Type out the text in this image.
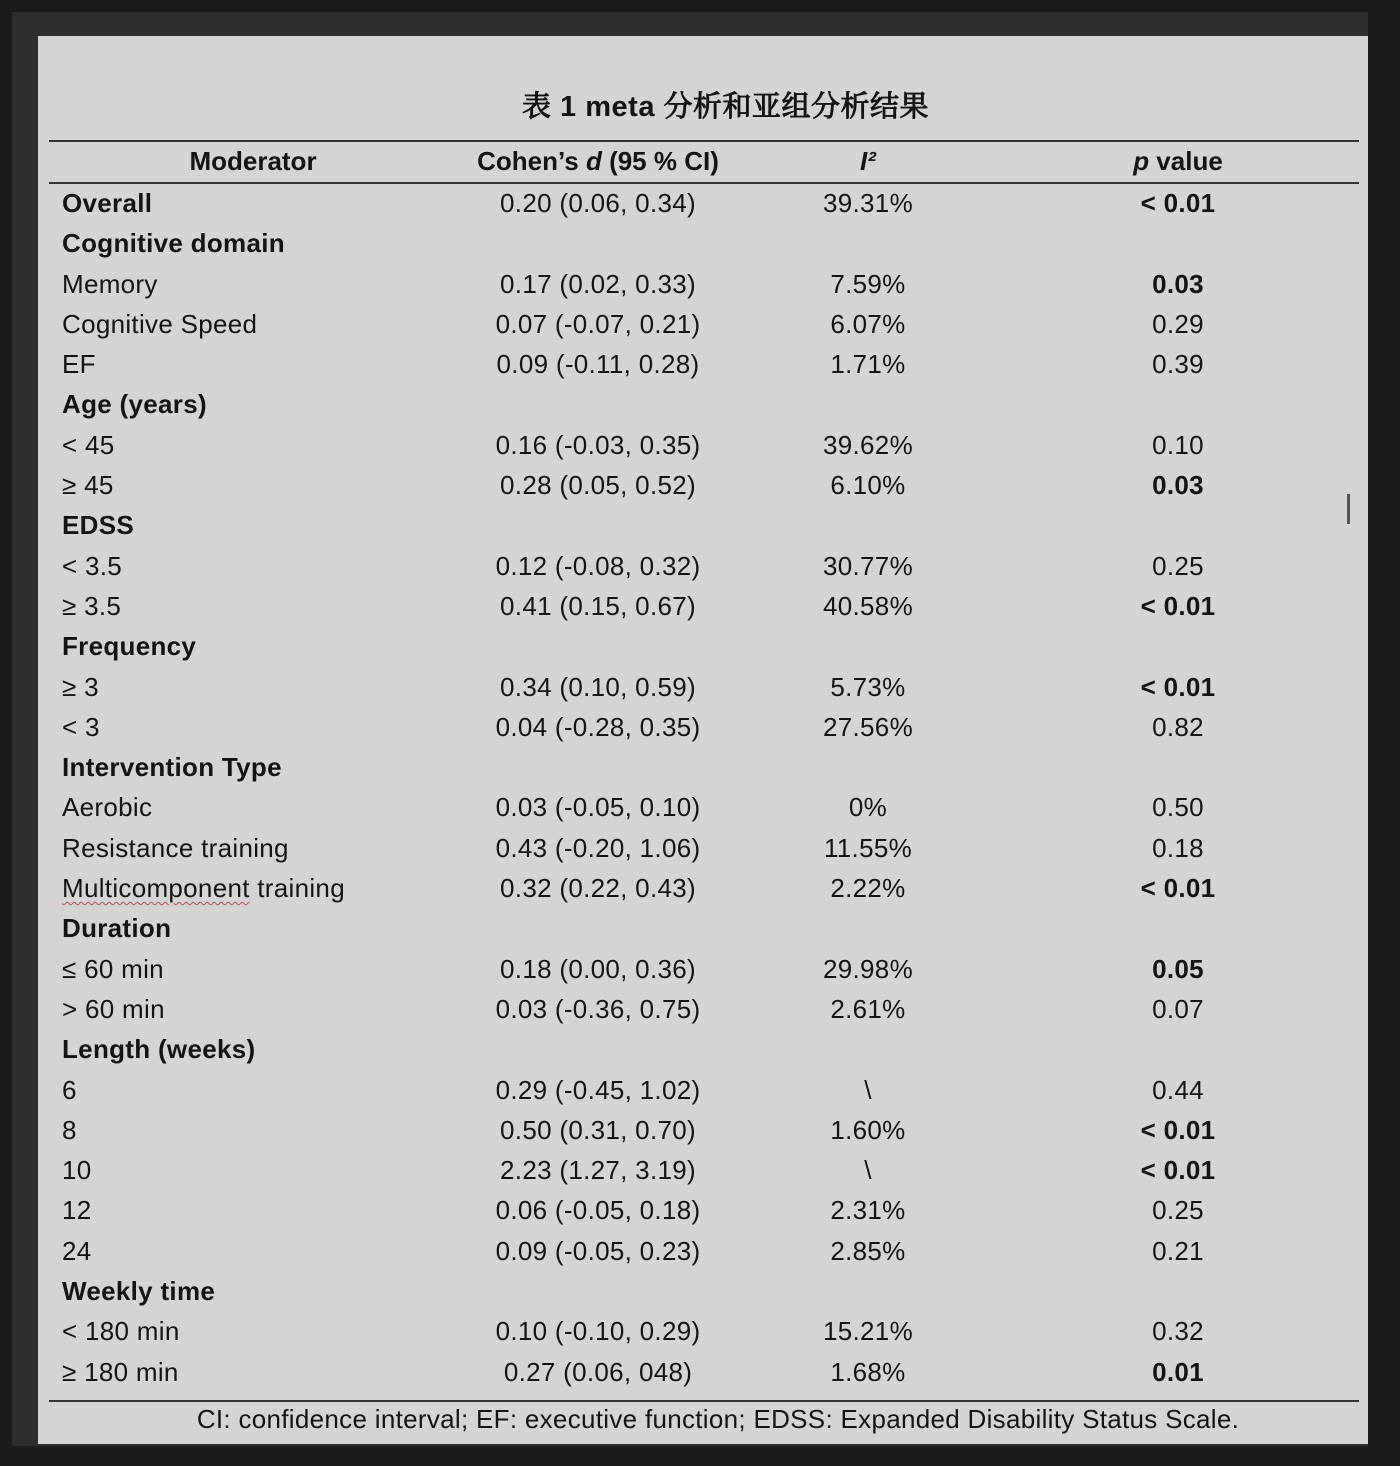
表 1 meta 分析和亚组分析结果
Moderator	Cohen’s d (95 % CI)	I²	p value
Overall	0.20 (0.06, 0.34)	39.31%	< 0.01
Cognitive domain
Memory	0.17 (0.02, 0.33)	7.59%	0.03
Cognitive Speed	0.07 (-0.07, 0.21)	6.07%	0.29
EF	0.09 (-0.11, 0.28)	1.71%	0.39
Age (years)
< 45	0.16 (-0.03, 0.35)	39.62%	0.10
≥ 45	0.28 (0.05, 0.52)	6.10%	0.03
EDSS
< 3.5	0.12 (-0.08, 0.32)	30.77%	0.25
≥ 3.5	0.41 (0.15, 0.67)	40.58%	< 0.01
Frequency
≥ 3	0.34 (0.10, 0.59)	5.73%	< 0.01
< 3	0.04 (-0.28, 0.35)	27.56%	0.82
Intervention Type
Aerobic	0.03 (-0.05, 0.10)	0%	0.50
Resistance training	0.43 (-0.20, 1.06)	11.55%	0.18
Multicomponent training	0.32 (0.22, 0.43)	2.22%	< 0.01
Duration
≤ 60 min	0.18 (0.00, 0.36)	29.98%	0.05
> 60 min	0.03 (-0.36, 0.75)	2.61%	0.07
Length (weeks)
6	0.29 (-0.45, 1.02)	\	0.44
8	0.50 (0.31, 0.70)	1.60%	< 0.01
10	2.23 (1.27, 3.19)	\	< 0.01
12	0.06 (-0.05, 0.18)	2.31%	0.25
24	0.09 (-0.05, 0.23)	2.85%	0.21
Weekly time
< 180 min	0.10 (-0.10, 0.29)	15.21%	0.32
≥ 180 min	0.27 (0.06, 048)	1.68%	0.01
CI: confidence interval; EF: executive function; EDSS: Expanded Disability Status Scale.
